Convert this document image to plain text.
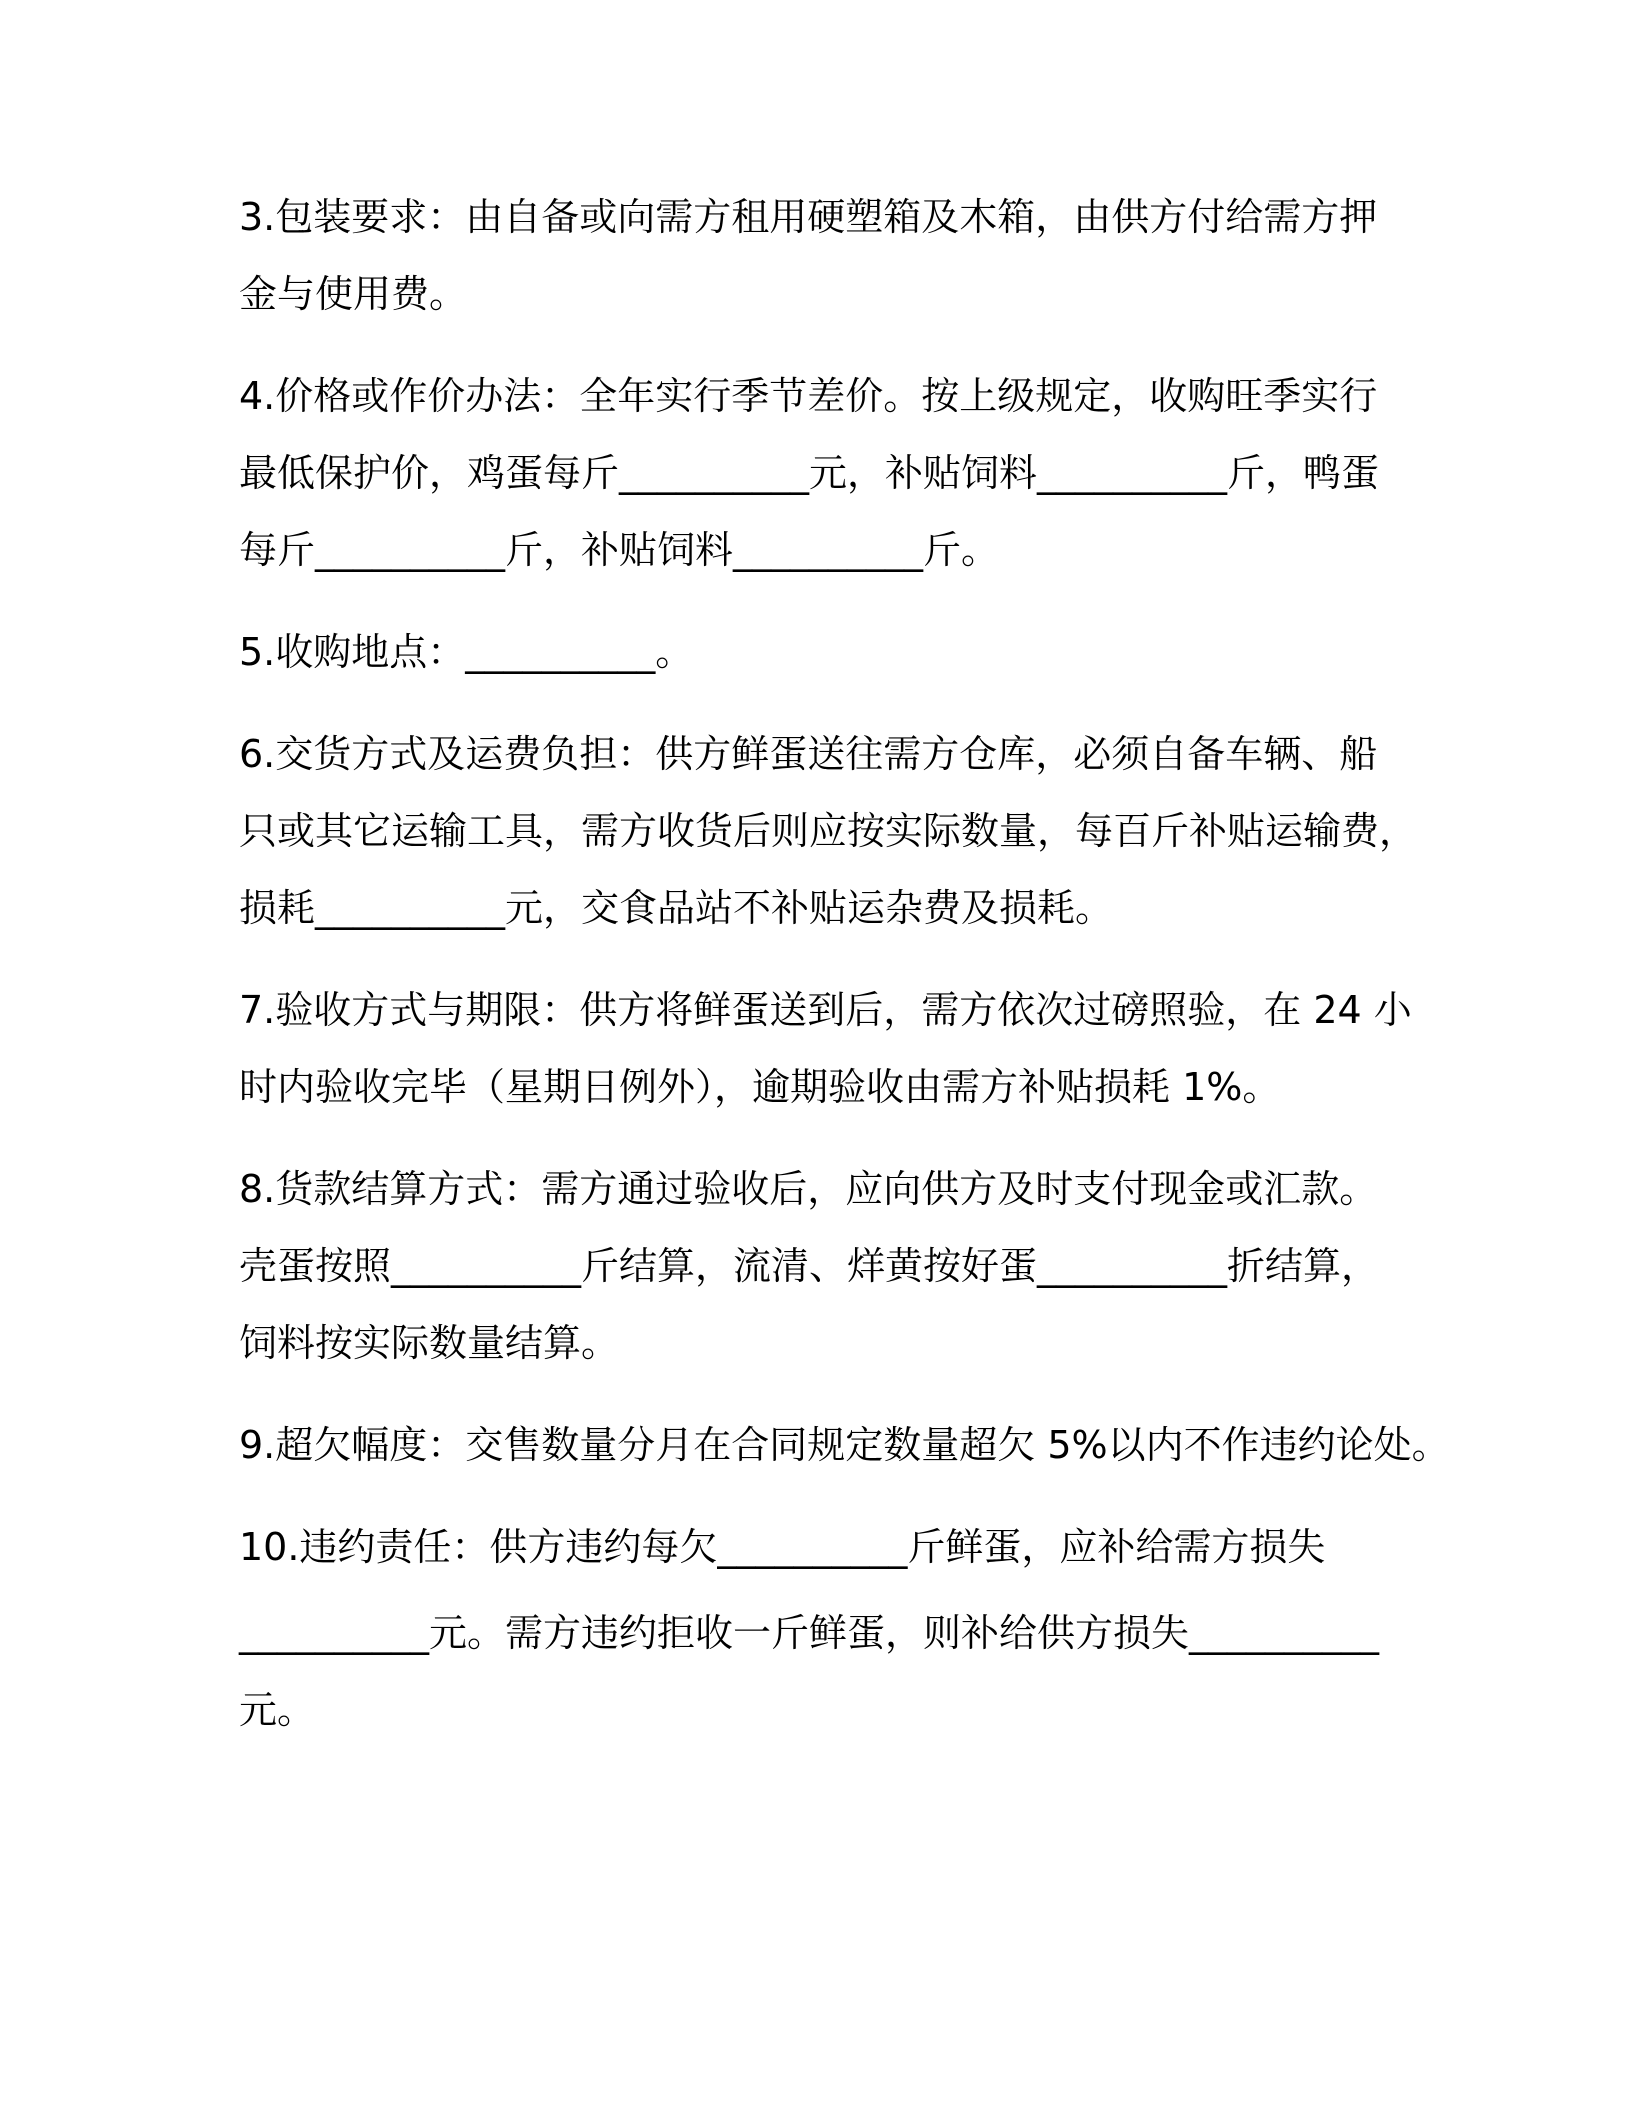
3.包装要求：由自备或向需方租用硬塑箱及木箱，由供方付给需方押
金与使用费。
4.价格或作价办法：全年实行季节差价。按上级规定，收购旺季实行
最低保护价，鸡蛋每斤__________元，补贴饲料__________斤，鸭蛋
每斤__________斤，补贴饲料__________斤。
5.收购地点：__________。
6.交货方式及运费负担：供方鲜蛋送往需方仓库，必须自备车辆、船
只或其它运输工具，需方收货后则应按实际数量，每百斤补贴运输费，
损耗__________元，交食品站不补贴运杂费及损耗。
7.验收方式与期限：供方将鲜蛋送到后，需方依次过磅照验，在 24 小
时内验收完毕（星期日例外），逾期验收由需方补贴损耗 1%。
8.货款结算方式：需方通过验收后，应向供方及时支付现金或汇款。
壳蛋按照__________斤结算，流清、烊黄按好蛋__________折结算，
饲料按实际数量结算。
9.超欠幅度：交售数量分月在合同规定数量超欠 5%以内不作违约论处。
10.违约责任：供方违约每欠__________斤鲜蛋，应补给需方损失
__________元。需方违约拒收一斤鲜蛋，则补给供方损失__________
元。
